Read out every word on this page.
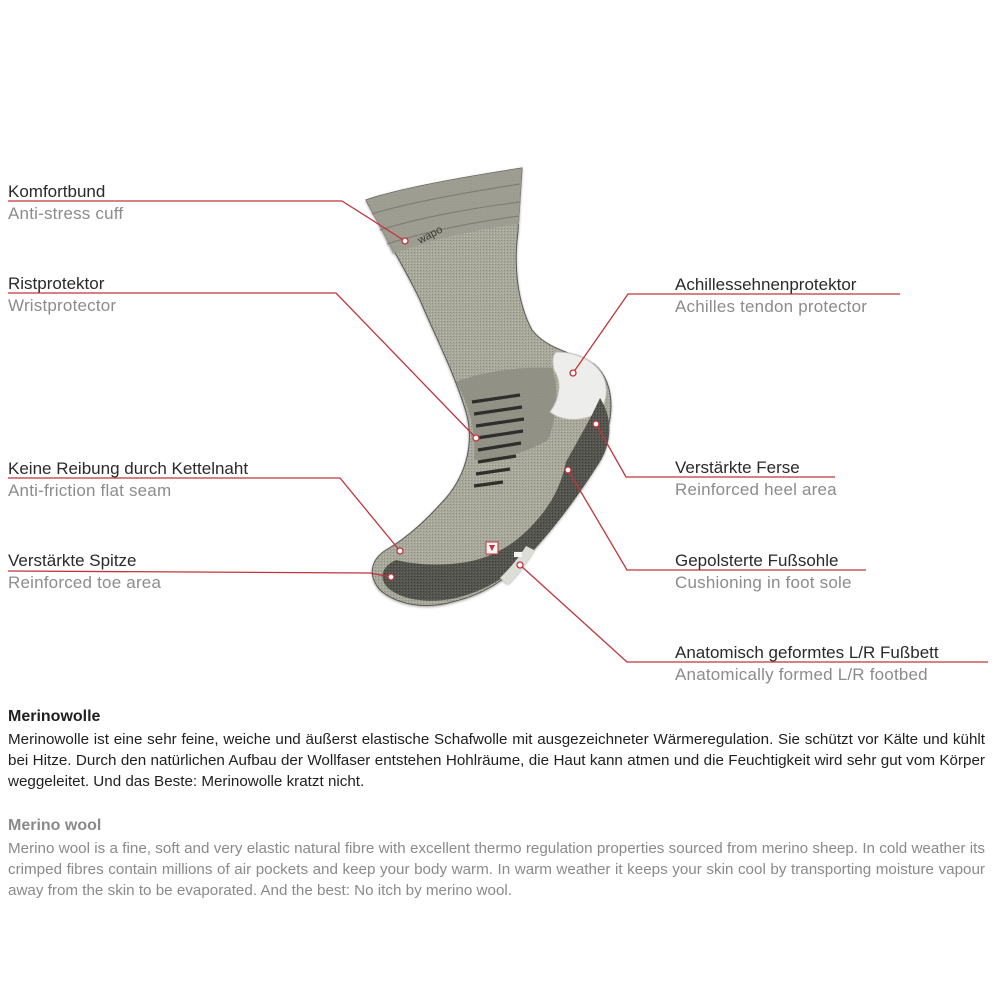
wapo
Komfortbund
Anti-stress cuff
Ristprotektor
Wristprotector
Keine Reibung durch Kettelnaht
Anti-friction flat seam
Verstärkte Spitze
Reinforced toe area
Achillessehnenprotektor
Achilles tendon protector
Verstärkte Ferse
Reinforced heel area
Gepolsterte Fußsohle
Cushioning in foot sole
Anatomisch geformtes L/R Fußbett
Anatomically formed L/R footbed
Merinowolle

Merinowolle ist eine sehr feine, weiche und äußerst elastische Schafwolle mit ausgezeichneter Wärmeregulation. Sie schützt vor Kälte und kühlt bei Hitze. Durch den natürlichen Aufbau der Wollfaser entstehen Hohlräume, die Haut kann atmen und die Feuchtigkeit wird sehr gut vom Körper weggeleitet. Und das Beste: Merinowolle kratzt nicht.

Merino wool

Merino wool is a fine, soft and very elastic natural fibre with excellent thermo regulation properties sourced from merino sheep. In cold weather its crimped fibres contain millions of air pockets and keep your body warm. In warm weather it keeps your skin cool by transporting moisture vapour away from the skin to be evaporated. And the best: No itch by merino wool.
